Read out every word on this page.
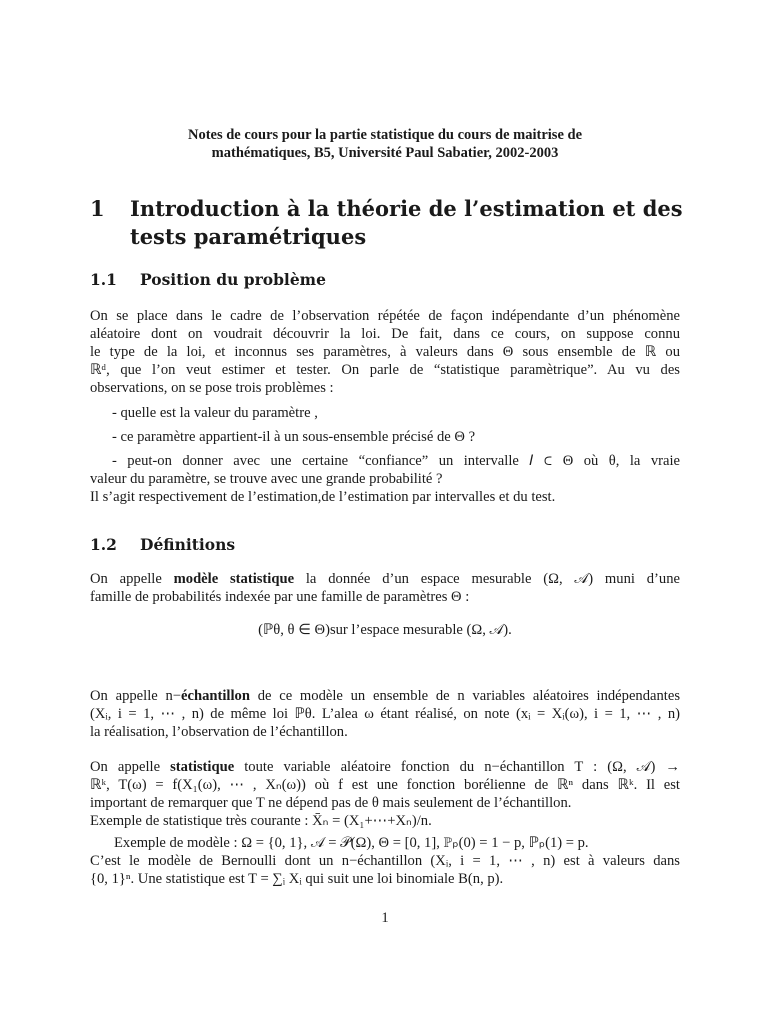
Notes de cours pour la partie statistique du cours de maitrise de
mathématiques, B5, Université Paul Sabatier, 2002-2003
1 Introduction à la théorie de l’estimation et des tests paramétriques
1.1 Position du problème
On se place dans le cadre de l’observation répétée de façon indépendante d’un phénomène
aléatoire dont on voudrait découvrir la loi. De fait, dans ce cours, on suppose connu
le type de la loi, et inconnus ses paramètres, à valeurs dans Θ sous ensemble de ℝ ou
ℝᵈ, que l’on veut estimer et tester. On parle de “statistique paramètrique”. Au vu des
observations, on se pose trois problèmes :
- quelle est la valeur du paramètre ,
- ce paramètre appartient-il à un sous-ensemble précisé de Θ ?
- peut-on donner avec une certaine “confiance” un intervalle 𝐼 ⊂ Θ où θ, la vraie
valeur du paramètre, se trouve avec une grande probabilité ?
Il s’agit respectivement de l’estimation,de l’estimation par intervalles et du test.
1.2 Définitions
On appelle modèle statistique la donnée d’un espace mesurable (Ω, 𝒜) muni d’une
famille de probabilités indexée par une famille de paramètres Θ :
(ℙθ, θ ∈ Θ)sur l’espace mesurable (Ω, 𝒜).
On appelle n−échantillon de ce modèle un ensemble de n variables aléatoires indépendantes
(Xᵢ, i = 1, ⋯ , n) de même loi ℙθ. L’alea ω étant réalisé, on note (xᵢ = Xᵢ(ω), i = 1, ⋯ , n)
la réalisation, l’observation de l’échantillon.
On appelle statistique toute variable aléatoire fonction du n−échantillon T : (Ω, 𝒜) →
ℝᵏ, T(ω) = f(X₁(ω), ⋯ , Xₙ(ω)) où f est une fonction borélienne de ℝⁿ dans ℝᵏ. Il est
important de remarquer que T ne dépend pas de θ mais seulement de l’échantillon.
Exemple de statistique très courante : X̄ₙ = (X₁+⋯+Xₙ)/n.
Exemple de modèle : Ω = {0, 1}, 𝒜 = 𝒫(Ω), Θ = [0, 1], ℙₚ(0) = 1 − p, ℙₚ(1) = p.
C’est le modèle de Bernoulli dont un n−échantillon (Xᵢ, i = 1, ⋯ , n) est à valeurs dans
{0, 1}ⁿ. Une statistique est T = ∑ᵢ Xᵢ qui suit une loi binomiale B(n, p).
1
